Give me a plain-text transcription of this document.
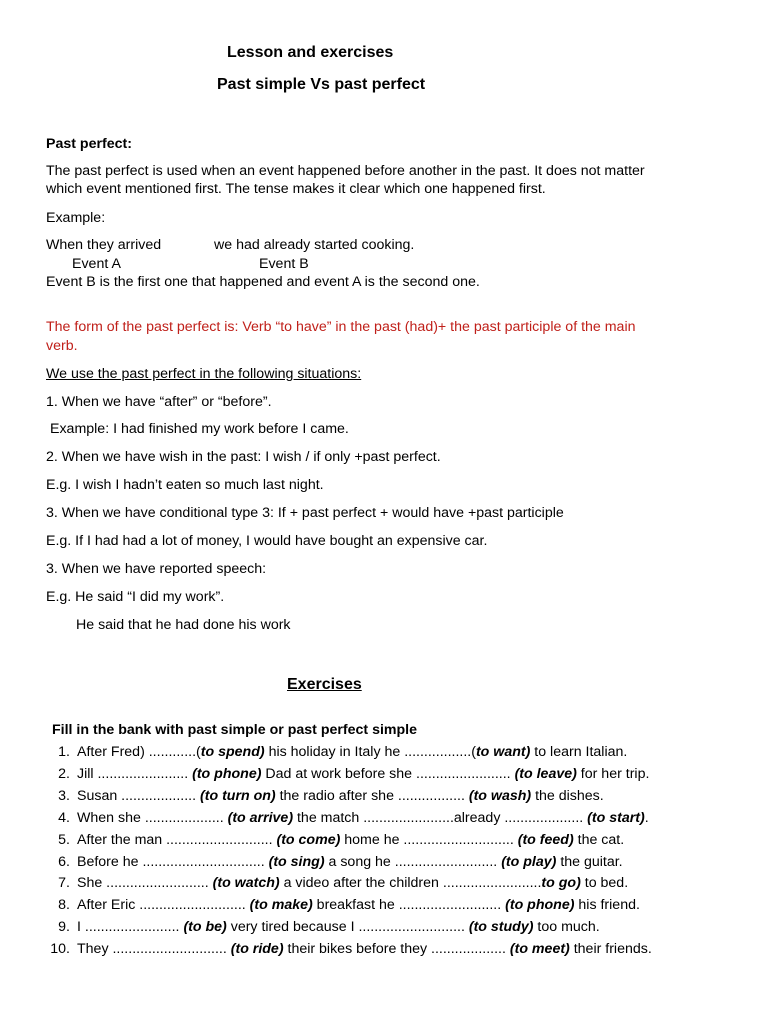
Lesson and exercises
Past simple Vs past perfect
Past perfect:
The past perfect is used when an event happened before another in the past. It does not matter
which event mentioned first. The tense makes it clear which one happened first.
Example:
When they arrived	we had already started cooking.
Event A	Event B
Event B is the first one that happened and event A is the second one.
The form of the past perfect is: Verb “to have” in the past (had)+ the past participle of the main
verb.
We use the past perfect in the following situations:
1. When we have “after” or “before”.
Example: I had finished my work before I came.
2. When we have wish in the past: I wish / if only +past perfect.
E.g. I wish I hadn’t eaten so much last night.
3. When we have conditional type 3: If + past perfect + would have +past participle
E.g. If I had had a lot of money, I would have bought an expensive car.
3. When we have reported speech:
E.g. He said “I did my work”.
He said that he had done his work
Exercises
Fill in the bank with past simple or past perfect simple
1. After Fred) ............(to spend) his holiday in Italy he .................(to want) to learn Italian.
2. Jill ....................... (to phone) Dad at work before she ........................ (to leave) for her trip.
3. Susan ................... (to turn on) the radio after she ................. (to wash) the dishes.
4. When she .................... (to arrive) the match .......................already .................... (to start).
5. After the man ........................... (to come) home he ............................ (to feed) the cat.
6. Before he ............................... (to sing) a song he .......................... (to play) the guitar.
7. She .......................... (to watch) a video after the children .........................to go) to bed.
8. After Eric ........................... (to make) breakfast he .......................... (to phone) his friend.
9. I ........................ (to be) very tired because I ........................... (to study) too much.
10. They ............................. (to ride) their bikes before they ................... (to meet) their friends.
